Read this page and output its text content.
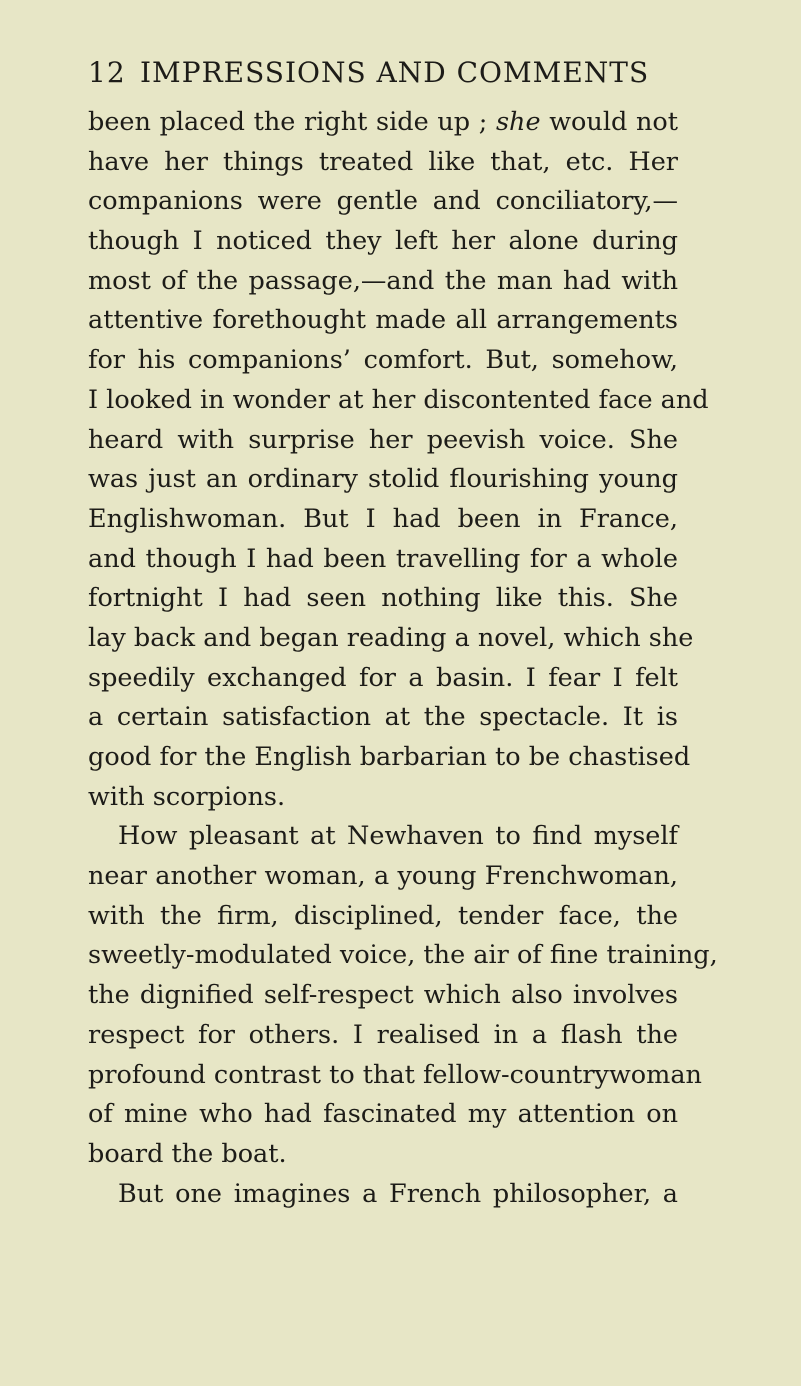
12 IMPRESSIONS AND COMMENTS
been placed the right side up ; she would not
have her things treated like that, etc. Her
companions were gentle and conciliatory,—
though I noticed they left her alone during
most of the passage,—and the man had with
attentive forethought made all arrangements
for his companions’ comfort. But, somehow,
I looked in wonder at her discontented face and
heard with surprise her peevish voice. She
was just an ordinary stolid flourishing young
Englishwoman. But I had been in France,
and though I had been travelling for a whole
fortnight I had seen nothing like this. She
lay back and began reading a novel, which she
speedily exchanged for a basin. I fear I felt
a certain satisfaction at the spectacle. It is
good for the English barbarian to be chastised
with scorpions.
How pleasant at Newhaven to find myself
near another woman, a young Frenchwoman,
with the firm, disciplined, tender face, the
sweetly-modulated voice, the air of fine training,
the dignified self-respect which also involves
respect for others. I realised in a flash the
profound contrast to that fellow-countrywoman
of mine who had fascinated my attention on
board the boat.
But one imagines a French philosopher, a
